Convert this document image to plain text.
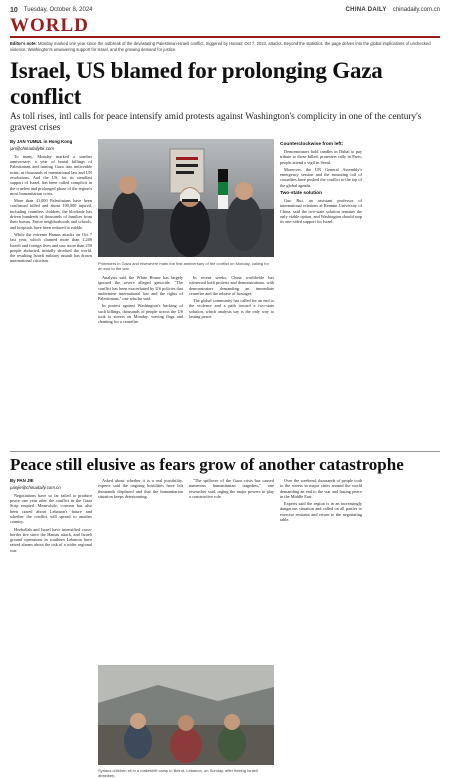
10 Tuesday, October 8, 2024	CHINA DAILY chinadaily.com.cn
WORLD
Editor's note: Monday marked one year since the outbreak of the devastating Palestinian-Israeli conflict, triggered by Hamas' Oct 7, 2023, attacks. Beyond the statistics, the page delves into the global implications of unchecked violence, Washington's unwavering support for Israel, and the growing demand for justice.
Israel, US blamed for prolonging Gaza conflict
As toll rises, intl calls for peace intensify amid protests against Washington's complicity in one of the century's gravest crises
By JAN YUMUL in Hong Kong
jan@chinadailyhk.com

To many, Monday marked a somber anniversary: a year of brutal killings of Palestinians and turning Gaza into unliveable ruins, as thousands of international law and UN resolutions. And the US, for its steadfast support of Israel, has been called complicit in the cruelest and prolonged phase of the region's most humanitarian crisis.

More than 41,000 Palestinians have been confirmed killed and about 100,000 injured, including countless children, the blockade has driven hundreds of thousands of families from their homes. Entire neighborhoods and schools, and hospitals have been reduced to rubble.

While the extreme Hamas attacks on Oct 7 last year, which claimed more than 1,200 Israeli and foreign lives and saw more than 250 people abducted, initially shocked the world, the resulting Israeli military assault has drawn international criticism.

Protesters in Gaza and elsewhere mark the first anniversary of the conflict on Monday, calling for an end to the war.

Analysts said the White House has largely ignored the severe alleged genocide. "The conflict has been exacerbated by US policies that undermine international law and the rights of Palestinians," one scholar said.

In protest against Washington's backing of such killings, thousands of people across the US took to streets on Monday, waving flags and chanting for a ceasefire.

In recent weeks, China worldwide has witnessed both protests and demonstrations, with demonstrators demanding an immediate ceasefire and the release of hostages.

The global community has called for an end to the violence and a path toward a two-state solution, which analysts say is the only way to lasting peace.

Counterclockwise from left:

Demonstrators hold candles in Dubai to pay tribute to those killed; protesters rally in Paris; people attend a vigil in Seoul.

Moreover, the UN General Assembly's emergency session and the mounting toll of casualties have pushed the conflict to the top of the global agenda.

Two-state solution

Guo Rui, an assistant professor of international relations at Renmin University of China, said the two-state solution remains the only viable option, and Washington should stop its one-sided support for Israel.

Peace still elusive as fears grow of another catastrophe
By PAN JIE
panjie@chinadaily.com.cn

Negotiations have so far failed to produce peace one year after the conflict in the Gaza Strip erupted. Meanwhile, concern has also been raised about Lebanon's future and whether the conflict will spread to another country.

Hezbollah and Israel have intensified cross-border fire since the Hamas attack, and Israeli ground operations in southern Lebanon have raised alarms about the risk of a wider regional war.

Asked about whether it is a real possibility, experts said the ongoing hostilities have left thousands displaced and that the humanitarian situation keeps deteriorating.

"The spillover of the Gaza crisis has caused numerous humanitarian tragedies," one researcher said, urging the major powers to play a constructive role.

Syrians children sit in a makeshift camp in Beirut, Lebanon, on Sunday, after fleeing Israeli airstrikes.

Over the weekend, thousands of people took to the streets in major cities around the world demanding an end to the war and lasting peace in the Middle East.

Experts said the region is in an increasingly dangerous situation and called on all parties to exercise restraint and return to the negotiating table.
